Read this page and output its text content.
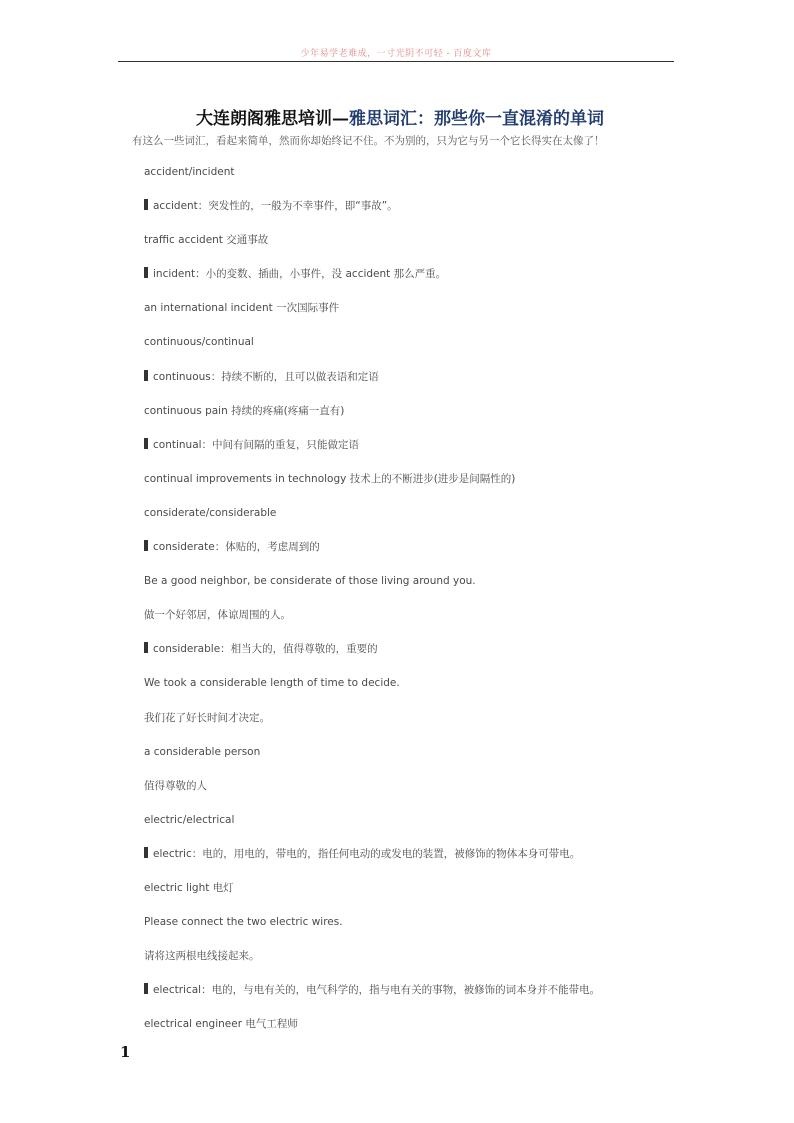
少年易学老难成，一寸光阴不可轻 - 百度文库
大连朗阁雅思培训—雅思词汇：那些你一直混淆的单词
有这么一些词汇，看起来简单，然而你却始终记不住。不为别的，只为它与另一个它长得实在太像了！
accident/incident
accident：突发性的，一般为不幸事件，即“事故”。
traffic accident 交通事故
incident：小的变数、插曲，小事件，没 accident 那么严重。
an international incident 一次国际事件
continuous/continual
continuous：持续不断的，且可以做表语和定语
continuous pain 持续的疼痛(疼痛一直有)
continual：中间有间隔的重复，只能做定语
continual improvements in technology 技术上的不断进步(进步是间隔性的)
considerate/considerable
considerate：体贴的，考虑周到的
Be a good neighbor, be considerate of those living around you.
做一个好邻居，体谅周围的人。
considerable：相当大的，值得尊敬的，重要的
We took a considerable length of time to decide.
我们花了好长时间才决定。
a considerable person
值得尊敬的人
electric/electrical
electric：电的，用电的，带电的，指任何电动的或发电的装置，被修饰的物体本身可带电。
electric light 电灯
Please connect the two electric wires.
请将这两根电线接起来。
electrical：电的，与电有关的，电气科学的，指与电有关的事物，被修饰的词本身并不能带电。
electrical engineer 电气工程师
1
